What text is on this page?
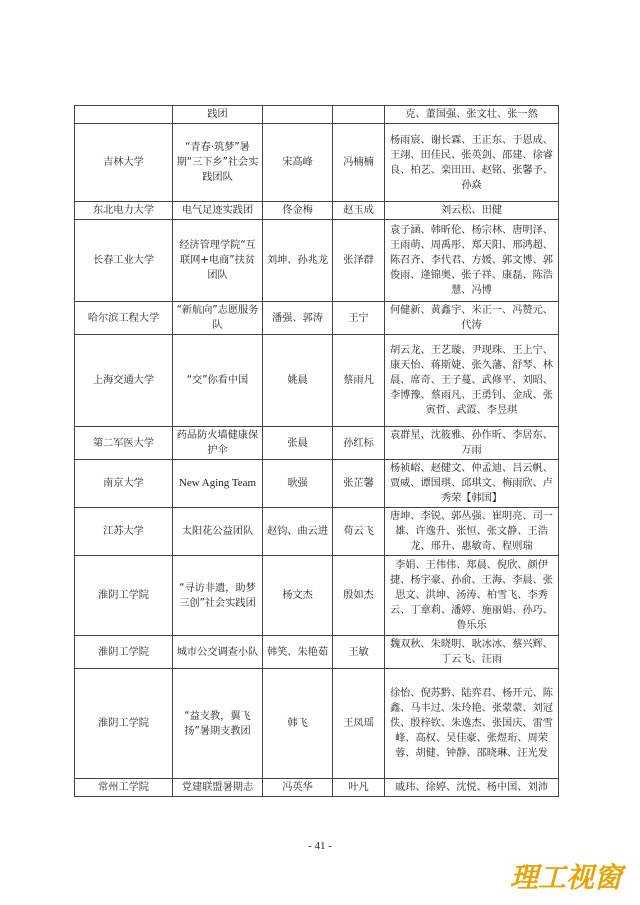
	践团			克、董国强、张文壮、张一然
吉林大学	“青春·筑梦”暑期“三下乡”社会实践团队	宋高峰	冯楠楠	杨雨宸、谢长霖、王正东、于恩成、王翊、田佳民、张英剑、邵建、徐睿良、柏艺、栾田田、赵铭、张馨予、孙焱
东北电力大学	电气足迹实践团	佟金梅	赵玉成	刘云松、田健
长春工业大学	经济管理学院“互联网+电商”扶贫团队	刘坤、孙兆龙	张泽群	袁子涵、韩昕伦、杨宗林、唐明泽、王雨萌、周禹彤、郑天阳、邢鸿超、陈召齐、李代君、方媛、郭文博、郭俊雨、逄锦奥、张子祥、康磊、陈浩慧、冯博
哈尔滨工程大学	“新航向”志愿服务队	潘强、郭涛	王宁	何健新、黄鑫宇、米正一、冯赞元、代涛
上海交通大学	“交”你看中国	姚晨	蔡雨凡	胡云龙、王艺璇、尹现珠、王上宁、康天怡、蒋斯婕、张久藩、舒琴、林晨、席奇、王子蔓、武修平、刘昭、李博豫、蔡雨凡、王勇钊、金成、张寅哲、武霞、李昱琪
第二军医大学	药品防火墙健康保护伞	张晨	孙红标	袁群星、沈筱雅、孙作昕、李居东、万雨
南京大学	New Aging Team	耿强	张芷馨	杨祯峪、赵健文、仲孟迪、吕云帆、贾威、谭国琪、邱琪文、梅雨欣、卢秀荣【韩国】
江苏大学	太阳花公益团队	赵钧、曲云进	荀云飞	唐坤、李锐、郭丛强、崔明亮、司一雄、许逸升、张恒、张文静、王浩龙、邢升、惠敏奇、程则瑞
淮阴工学院	“寻访非遗，助梦三创”社会实践团	杨文杰	殷如杰	李娟、王伟伟、郑晨、倪欣、颜伊捷、杨宇豪、孙俞、王海、李晨、张思文、洪坤、汤涛、柏雪飞、李秀云、丁章莉、潘婷、施丽娟、孙巧、鲁乐乐
淮阴工学院	城市公交调查小队	韩笑、朱艳茹	王敏	魏双秋、朱晓明、耿冰冰、蔡兴辉、丁云飞、汪雨
淮阴工学院	“益支教，翼飞扬”暑期支教团	韩飞	王凤瑶	徐怡、倪苏黔、陆弈君、杨开元、陈鑫、马丰过、朱玲艳、张蒙蒙、刘冠佚、殷梓钦、朱逸杰、张国庆、雷雪峰、高权、吴佳豪、张煜珩、周荣蓉、胡健、钟静、邵晓琳、汪光发
常州工学院	党建联盟暑期志	冯英华	叶凡	戚玮、徐婷、沈悦、杨中国、刘沛
- 41 -
理工视窗
